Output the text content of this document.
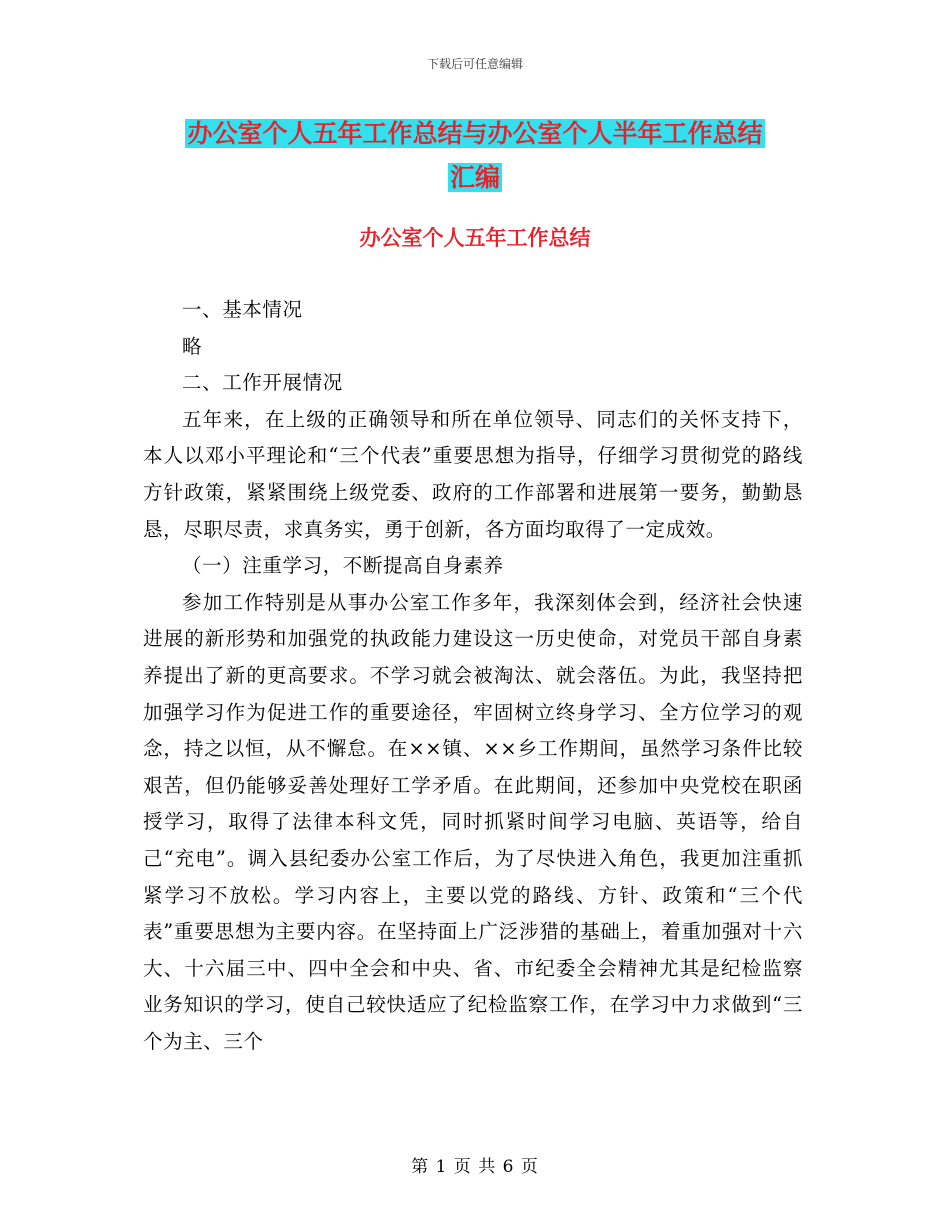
下载后可任意编辑
办公室个人五年工作总结与办公室个人半年工作总结
汇编
办公室个人五年工作总结

一、基本情况

略

二、工作开展情况

五年来，在上级的正确领导和所在单位领导、同志们的关怀支持下，本人以邓小平理论和“三个代表”重要思想为指导，仔细学习贯彻党的路线方针政策，紧紧围绕上级党委、政府的工作部署和进展第一要务，勤勤恳恳，尽职尽责，求真务实，勇于创新，各方面均取得了一定成效。

（一）注重学习，不断提高自身素养

参加工作特别是从事办公室工作多年，我深刻体会到，经济社会快速进展的新形势和加强党的执政能力建设这一历史使命，对党员干部自身素养提出了新的更高要求。不学习就会被淘汰、就会落伍。为此，我坚持把加强学习作为促进工作的重要途径，牢固树立终身学习、全方位学习的观念，持之以恒，从不懈怠。在××镇、××乡工作期间，虽然学习条件比较艰苦，但仍能够妥善处理好工学矛盾。在此期间，还参加中央党校在职函授学习，取得了法律本科文凭，同时抓紧时间学习电脑、英语等，给自己“充电”。调入县纪委办公室工作后，为了尽快进入角色，我更加注重抓紧学习不放松。学习内容上，主要以党的路线、方针、政策和“三个代表”重要思想为主要内容。在坚持面上广泛涉猎的基础上，着重加强对十六大、十六届三中、四中全会和中央、省、市纪委全会精神尤其是纪检监察业务知识的学习，使自己较快适应了纪检监察工作，在学习中力求做到“三个为主、三个

第 1 页 共 6 页
